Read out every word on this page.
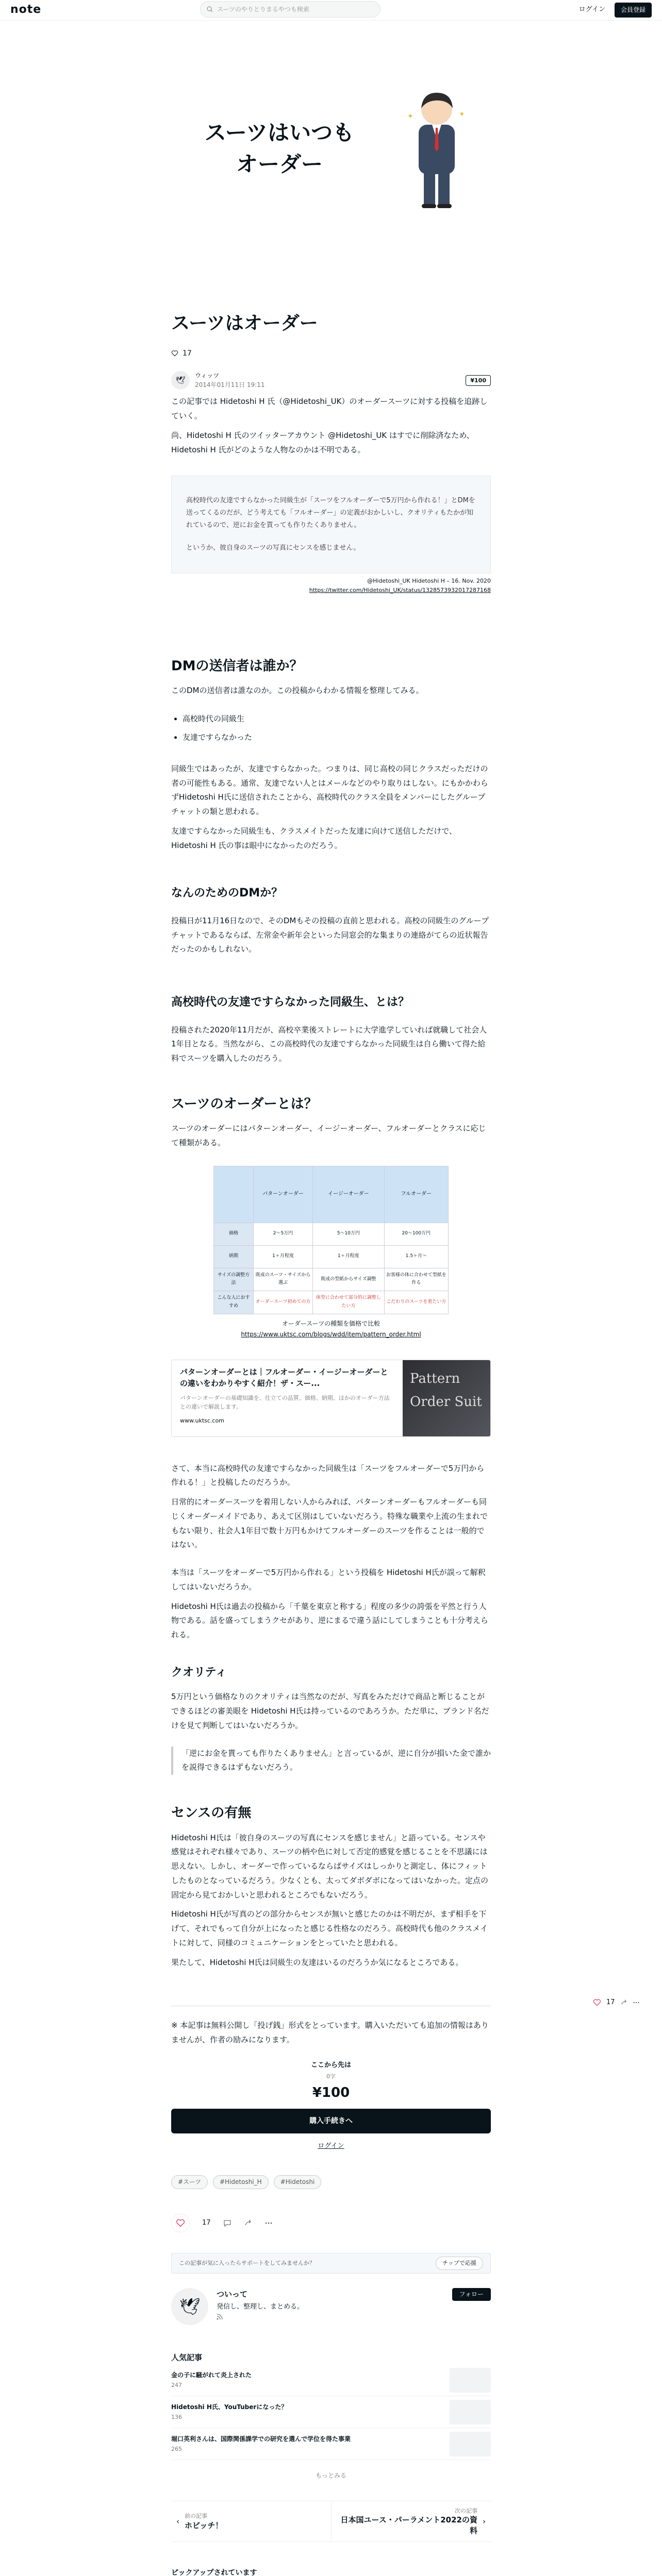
note	スーツのやりとりまるやつも検索	ログイン	会員登録
スーツはいつも
オーダー
✦	✦
スーツはオーダー
17
🕊 ウィッツ
2014年01月11日 19:11
¥100

この記事では Hidetoshi H 氏（@Hidetoshi_UK）のオーダースーツに対する投稿を追跡していく。

尚、Hidetoshi H 氏のツイッターアカウント @Hidetoshi_UK はすでに削除済なため、Hidetoshi H 氏がどのような人物なのかは不明である。

高校時代の友達ですらなかった同級生が「スーツをフルオーダーで5万円から作れる！」とDMを送ってくるのだが、どう考えても「フルオーダー」の定義がおかしいし、クオリティもたかが知れているので、逆にお金を貰っても作りたくありません。

というか、彼自身のスーツの写真にセンスを感じません。

@Hidetoshi_UK Hidetoshi H – 16. Nov. 2020
https://twitter.com/Hidetoshi_UK/status/1328573932017287168
DMの送信者は誰か？

このDMの送信者は誰なのか。この投稿からわかる情報を整理してみる。

• 高校時代の同級生
• 友達ですらなかった

同級生ではあったが、友達ですらなかった。つまりは、同じ高校の同じクラスだっただけの者の可能性もある。通常、友達でない人とはメールなどのやり取りはしない。にもかかわらずHidetoshi H氏に送信されたことから、高校時代のクラス全員をメンバーにしたグループチャットの類と思われる。

友達ですらなかった同級生も、クラスメイトだった友達に向けて送信しただけで、Hidetoshi H 氏の事は眼中になかったのだろう。

なんのためのDMか？

投稿日が11月16日なので、そのDMもその投稿の直前と思われる。高校の同級生のグループチャットであるならば、左常金や新年会といった同窓会的な集まりの連絡がてらの近状報告だったのかもしれない。

高校時代の友達ですらなかった同級生、とは？

投稿された2020年11月だが、高校卒業後ストレートに大学進学していれば就職して社会人1年目となる。当然ながら、この高校時代の友達ですらなかった同級生は自ら働いて得た給料でスーツを購入したのだろう。

スーツのオーダーとは？

スーツのオーダーにはパターンオーダー、イージーオーダー、フルオーダーとクラスに応じて種類がある。

	パターンオーダー	イージーオーダー	フルオーダー
価格	2〜5万円	5〜10万円	20〜100万円
納期	1ヶ月程度	1ヶ月程度	1.5ヶ月〜
サイズの調整方法	既成のスーツ・サイズから選ぶ	既成の型紙からサイズ調整	お客様の体に合わせて型紙を作る
こんな人におすすめ	オーダースーツ初めての方	体型に合わせて部分的に調整したい方	こだわりのスーツを着たい方
オーダースーツの種類を価格で比較
https://www.uktsc.com/blogs/wdd/item/pattern_order.html
パターンオーダーとは｜フルオーダー・イージーオーダーとの違いをわかりやすく紹介！ザ・スー...
パターンオーダーの基礎知識を、仕立ての品質、価格、納期、ほかのオーダー方法との違いで解説します。
www.uktsc.com
Pattern Order Suit

さて、本当に高校時代の友達ですらなかった同級生は「スーツをフルオーダーで5万円から作れる！」と投稿したのだろうか。

日常的にオーダースーツを着用しない人からみれば、パターンオーダーもフルオーダーも同じくオーダーメイドであり、あえて区別はしていないだろう。特殊な職業や上流の生まれでもない限り、社会人1年目で数十万円もかけてフルオーダーのスーツを作ることは一般的ではない。

本当は「スーツをオーダーで5万円から作れる」という投稿を Hidetoshi H氏が誤って解釈してはいないだろうか。

Hidetoshi H氏は過去の投稿から「千葉を東京と称する」程度の多少の誇張を平然と行う人物である。話を盛ってしまうクセがあり、逆にまるで違う話にしてしまうことも十分考えられる。

クオリティ

5万円という価格なりのクオリティは当然なのだが、写真をみただけで商品と断じることができるほどの審美眼を Hidetoshi H氏は持っているのであろうか。ただ単に、ブランド名だけを見て判断してはいないだろうか。

「逆にお金を貰っても作りたくありません」と言っているが、逆に自分が損いた金で誰かを説得できるはずもないだろう。

センスの有無

Hidetoshi H氏は「彼自身のスーツの写真にセンスを感じません」と語っている。センスや感覚はそれぞれ様々であり、スーツの柄や色に対して否定的感覚を感じることを不思議には思えない。しかし、オーダーで作っているならばサイズはしっかりと測定し、体にフィットしたものとなっているだろう。少なくとも、太ってダボダボになってはいなかった。定点の固定から見ておかしいと思われるところでもないだろう。

Hidetoshi H氏が写真のどの部分からセンスが無いと感じたのかは不明だが、まず相手を下げて、それでもって自分が上になったと感じる性格なのだろう。高校時代も他のクラスメイトに対して、同様のコミュニケーションをとっていたと思われる。

果たして、Hidetoshi H氏は同級生の友達はいるのだろうか気になるところである。

※ 本記事は無料公開し「投げ銭」形式をとっています。購入いただいても追加の情報はありませんが、作者の励みになります。
ここから先は
0字
¥100
購入手続きへ
ログイン
#スーツ	#Hidetoshi_H	#Hidetoshi
17
この記事が気に入ったらサポートをしてみませんか？	チップで応援
🕊
ついって
発信し、整理し、まとめる。
フォロー
人気記事
金の子に騒がれて炎上された
247
Hidetoshi H氏、YouTuberになった？
136
堀口英利さんは、国際関係課学での研究を選んで学位を得た事業
265
もっとみる
‹
前の記事
ホビッチ！
次の記事
日本国ユース・パーラメント2022の資料
›
ピックアップされています
17
